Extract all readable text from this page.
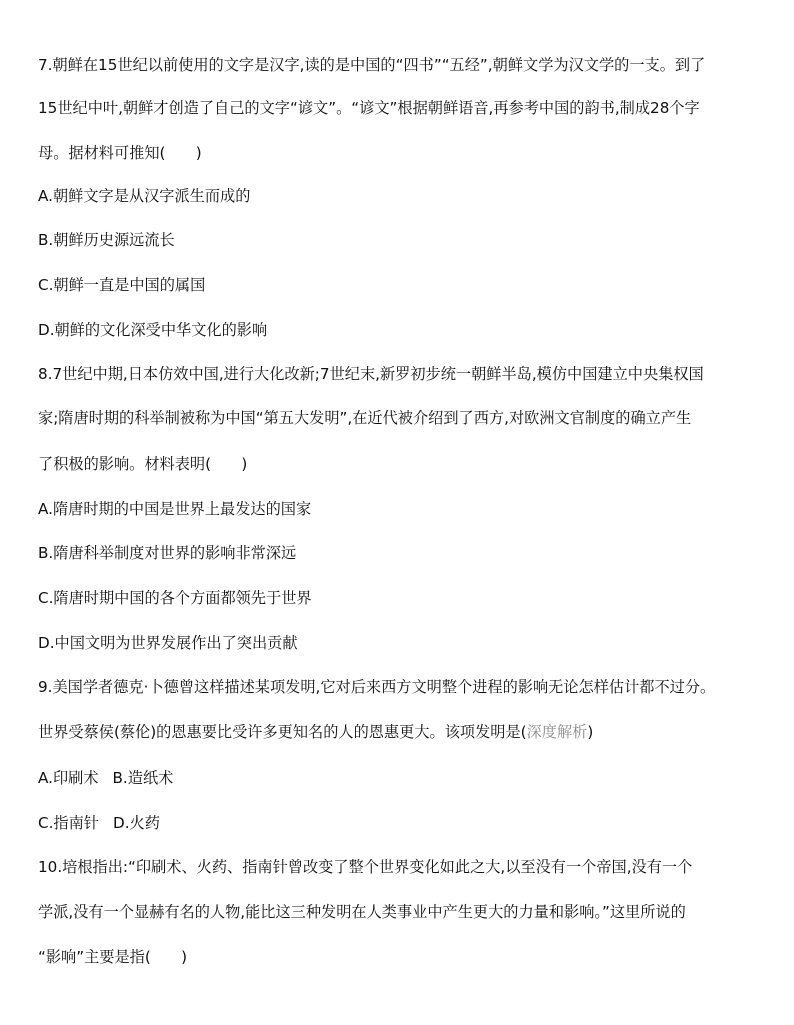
7.朝鲜在15世纪以前使用的文字是汉字,读的是中国的“四书”“五经”,朝鲜文学为汉文学的一支。到了
15世纪中叶,朝鲜才创造了自己的文字“谚文”。“谚文”根据朝鲜语音,再参考中国的韵书,制成28个字
母。据材料可推知(　　)
A.朝鲜文字是从汉字派生而成的
B.朝鲜历史源远流长
C.朝鲜一直是中国的属国
D.朝鲜的文化深受中华文化的影响
8.7世纪中期,日本仿效中国,进行大化改新;7世纪末,新罗初步统一朝鲜半岛,模仿中国建立中央集权国
家;隋唐时期的科举制被称为中国“第五大发明”,在近代被介绍到了西方,对欧洲文官制度的确立产生
了积极的影响。材料表明(　　)
A.隋唐时期的中国是世界上最发达的国家
B.隋唐科举制度对世界的影响非常深远
C.隋唐时期中国的各个方面都领先于世界
D.中国文明为世界发展作出了突出贡献
9.美国学者德克·卜德曾这样描述某项发明,它对后来西方文明整个进程的影响无论怎样估计都不过分。
世界受蔡侯(蔡伦)的恩惠要比受许多更知名的人的恩惠更大。该项发明是(深度解析)
A.印刷术 B.造纸术
C.指南针 D.火药
10.培根指出:“印刷术、火药、指南针曾改变了整个世界变化如此之大,以至没有一个帝国,没有一个
学派,没有一个显赫有名的人物,能比这三种发明在人类事业中产生更大的力量和影响。”这里所说的
“影响”主要是指(　　)
